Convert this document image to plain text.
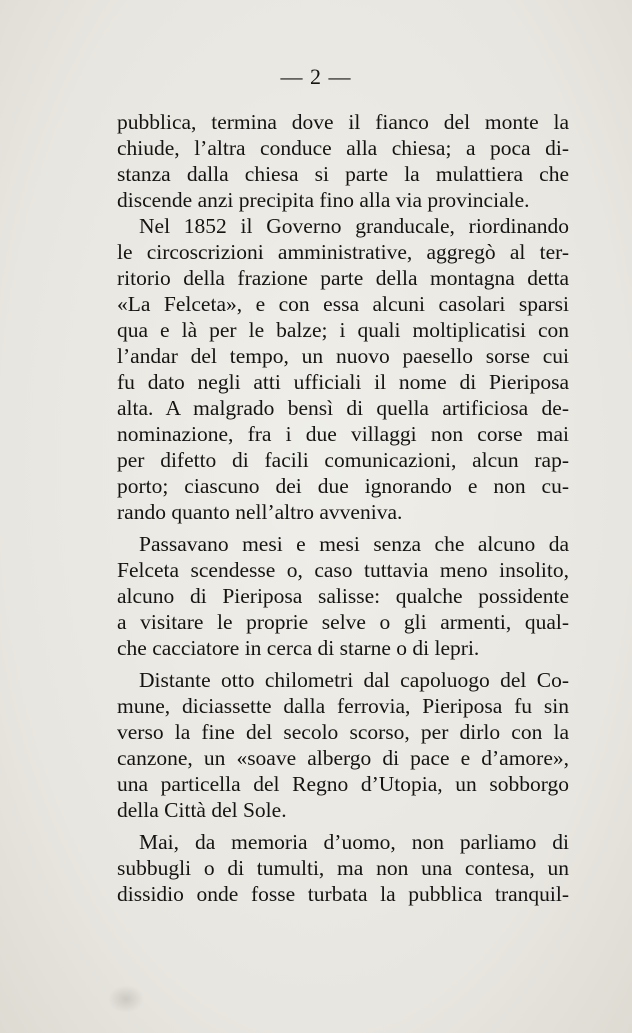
— 2 —
pubblica, termina dove il fianco del monte la
chiude, l’altra conduce alla chiesa; a poca di-
stanza dalla chiesa si parte la mulattiera che
discende anzi precipita fino alla via provinciale.
Nel 1852 il Governo granducale, riordinando
le circoscrizioni amministrative, aggregò al ter-
ritorio della frazione parte della montagna detta
«La Felceta», e con essa alcuni casolari sparsi
qua e là per le balze; i quali moltiplicatisi con
l’andar del tempo, un nuovo paesello sorse cui
fu dato negli atti ufficiali il nome di Pieriposa
alta. A malgrado bensì di quella artificiosa de-
nominazione, fra i due villaggi non corse mai
per difetto di facili comunicazioni, alcun rap-
porto; ciascuno dei due ignorando e non cu-
rando quanto nell’altro avveniva.
Passavano mesi e mesi senza che alcuno da
Felceta scendesse o, caso tuttavia meno insolito,
alcuno di Pieriposa salisse: qualche possidente
a visitare le proprie selve o gli armenti, qual-
che cacciatore in cerca di starne o di lepri.
Distante otto chilometri dal capoluogo del Co-
mune, diciassette dalla ferrovia, Pieriposa fu sin
verso la fine del secolo scorso, per dirlo con la
canzone, un «soave albergo di pace e d’amore»,
una particella del Regno d’Utopia, un sobborgo
della Città del Sole.
Mai, da memoria d’uomo, non parliamo di
subbugli o di tumulti, ma non una contesa, un
dissidio onde fosse turbata la pubblica tranquil-
